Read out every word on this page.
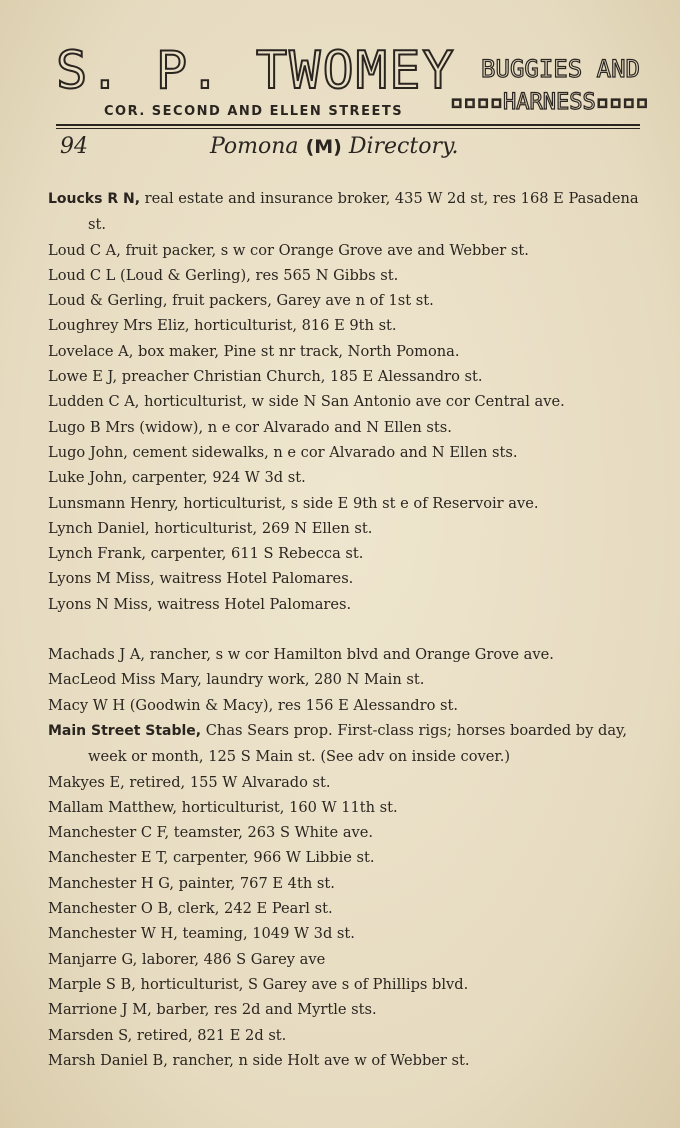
S. P. TWOMEY
COR. SECOND AND ELLEN STREETS
BUGGIES AND
▫▫▫▫HARNESS▫▫▫▫
94	Pomona (M) Directory.
Loucks R N, real estate and insurance broker, 435 W 2d st, res 168 E Pasadena st.
Loud C A, fruit packer, s w cor Orange Grove ave and Webber st.
Loud C L (Loud & Gerling), res 565 N Gibbs st.
Loud & Gerling, fruit packers, Garey ave n of 1st st.
Loughrey Mrs Eliz, horticulturist, 816 E 9th st.
Lovelace A, box maker, Pine st nr track, North Pomona.
Lowe E J, preacher Christian Church, 185 E Alessandro st.
Ludden C A, horticulturist, w side N San Antonio ave cor Central ave.
Lugo B Mrs (widow), n e cor Alvarado and N Ellen sts.
Lugo John, cement sidewalks, n e cor Alvarado and N Ellen sts.
Luke John, carpenter, 924 W 3d st.
Lunsmann Henry, horticulturist, s side E 9th st e of Reservoir ave.
Lynch Daniel, horticulturist, 269 N Ellen st.
Lynch Frank, carpenter, 611 S Rebecca st.
Lyons M Miss, waitress Hotel Palomares.
Lyons N Miss, waitress Hotel Palomares.
Machads J A, rancher, s w cor Hamilton blvd and Orange Grove ave.
MacLeod Miss Mary, laundry work, 280 N Main st.
Macy W H (Goodwin & Macy), res 156 E Alessandro st.
Main Street Stable, Chas Sears prop. First-class rigs; horses boarded by day, week or month, 125 S Main st. (See adv on inside cover.)
Makyes E, retired, 155 W Alvarado st.
Mallam Matthew, horticulturist, 160 W 11th st.
Manchester C F, teamster, 263 S White ave.
Manchester E T, carpenter, 966 W Libbie st.
Manchester H G, painter, 767 E 4th st.
Manchester O B, clerk, 242 E Pearl st.
Manchester W H, teaming, 1049 W 3d st.
Manjarre G, laborer, 486 S Garey ave
Marple S B, horticulturist, S Garey ave s of Phillips blvd.
Marrione J M, barber, res 2d and Myrtle sts.
Marsden S, retired, 821 E 2d st.
Marsh Daniel B, rancher, n side Holt ave w of Webber st.
